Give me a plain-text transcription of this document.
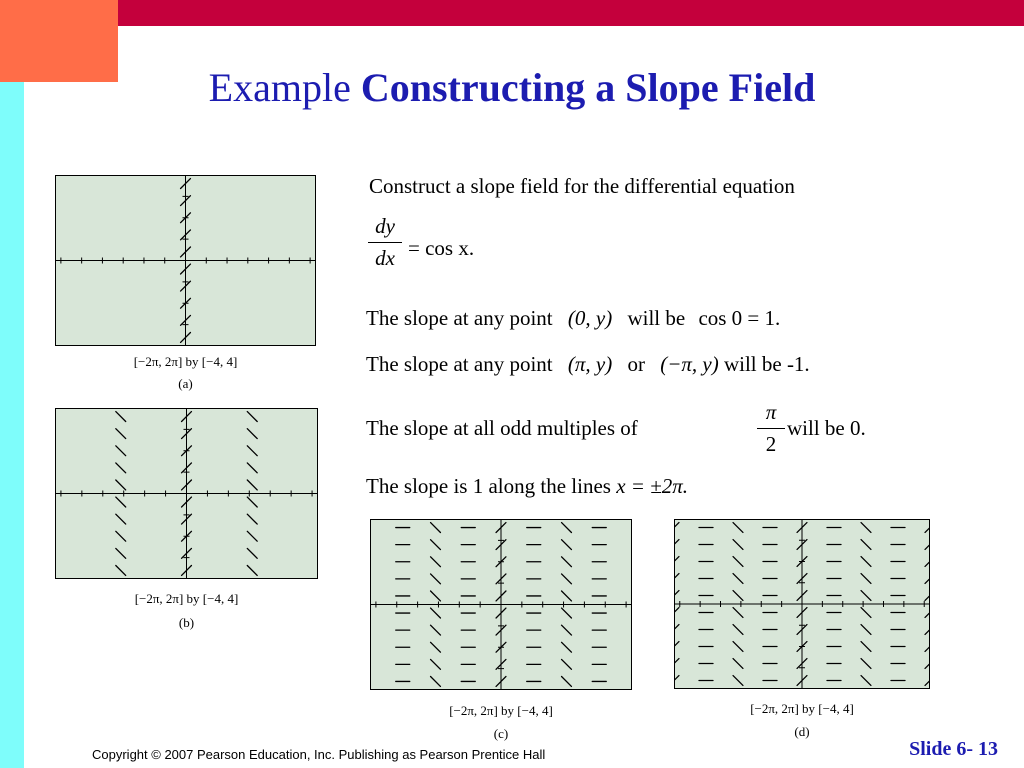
Example Constructing a Slope Field
Construct a slope field for the differential equation
$\frac{dy}{dx} = \cos x$.
The slope at any point (0, y) will be cos 0 = 1.
The slope at any point (π, y) or (−π, y) will be -1.
The slope at all odd multiples of	$\frac{\pi}{2}$ will be 0.
The slope is 1 along the lines x = ±2π.
[−2π, 2π] by [−4, 4]
(a)
[−2π, 2π] by [−4, 4]
(b)
[−2π, 2π] by [−4, 4]
(c)
[−2π, 2π] by [−4, 4]
(d)
Copyright © 2007 Pearson Education, Inc. Publishing as Pearson Prentice Hall	Slide 6- 13
